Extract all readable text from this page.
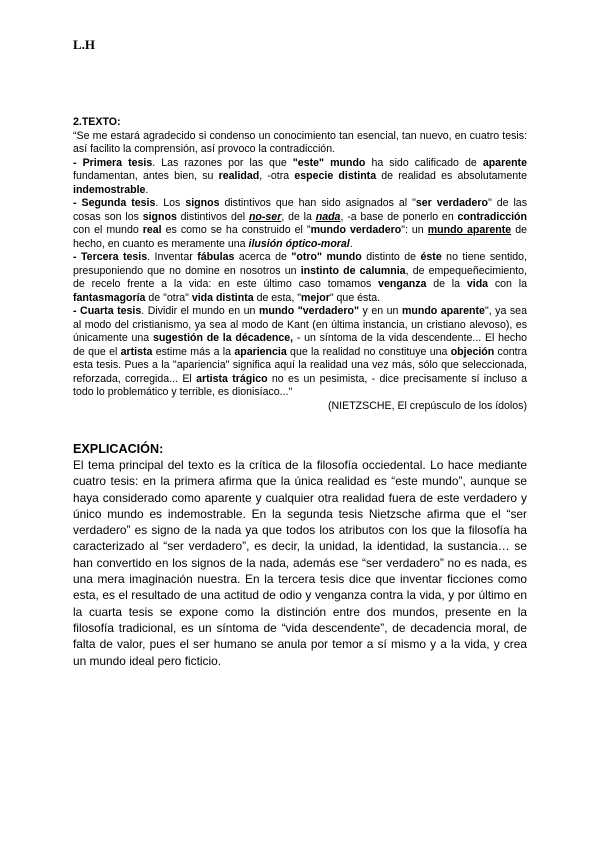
L.H
2.TEXTO:

“Se me estará agradecido si condenso un conocimiento tan esencial, tan nuevo, en cuatro tesis: así facilito la comprensión, así provoco la contradicción.

- Primera tesis. Las razones por las que "este" mundo ha sido calificado de aparente fundamentan, antes bien, su realidad, -otra especie distinta de realidad es absolutamente indemostrable.

- Segunda tesis. Los signos distintivos que han sido asignados al "ser verdadero" de las cosas son los signos distintivos del no-ser, de la nada, -a base de ponerlo en contradicción con el mundo real es como se ha construido el "mundo verdadero": un mundo aparente de hecho, en cuanto es meramente una ilusión óptico-moral.

- Tercera tesis. Inventar fábulas acerca de "otro" mundo distinto de éste no tiene sentido, presuponiendo que no domine en nosotros un instinto de calumnia, de empequeñecimiento, de recelo frente a la vida: en este último caso tomamos venganza de la vida con la fantasmagoría de "otra" vida distinta de esta, "mejor" que ésta.

- Cuarta tesis. Dividir el mundo en un mundo "verdadero" y en un mundo aparente", ya sea al modo del cristianismo, ya sea al modo de Kant (en última instancia, un cristiano alevoso), es únicamente una sugestión de la décadence, - un síntoma de la vida descendente... El hecho de que el artista estime más a la apariencia que la realidad no constituye una objeción contra esta tesis. Pues a la "apariencia" significa aquí la realidad una vez más, sólo que seleccionada, reforzada, corregida... El artista trágico no es un pesimista, - dice precisamente sí incluso a todo lo problemático y terrible, es dionisíaco..."

(NIETZSCHE, El crepúsculo de los ídolos)

EXPLICACIÓN:

El tema principal del texto es la crítica de la filosofía occiedental. Lo hace mediante cuatro tesis: en la primera afirma que la única realidad es “este mundo”, aunque se haya considerado como aparente y cualquier otra realidad fuera de este verdadero y único mundo es indemostrable. En la segunda tesis Nietzsche afirma que el “ser verdadero” es signo de la nada ya que todos los atributos con los que la filosofía ha caracterizado al “ser verdadero”, es decir, la unidad, la identidad, la sustancia… se han convertido en los signos de la nada, además ese “ser verdadero” no es nada, es una mera imaginación nuestra. En la tercera tesis dice que inventar ficciones como esta, es el resultado de una actitud de odio y venganza contra la vida, y por último en la cuarta tesis se expone como la distinción entre dos mundos, presente en la filosofía tradicional, es un síntoma de “vida descendente”, de decadencia moral, de falta de valor, pues el ser humano se anula por temor a sí mismo y a la vida, y crea un mundo ideal pero ficticio.
